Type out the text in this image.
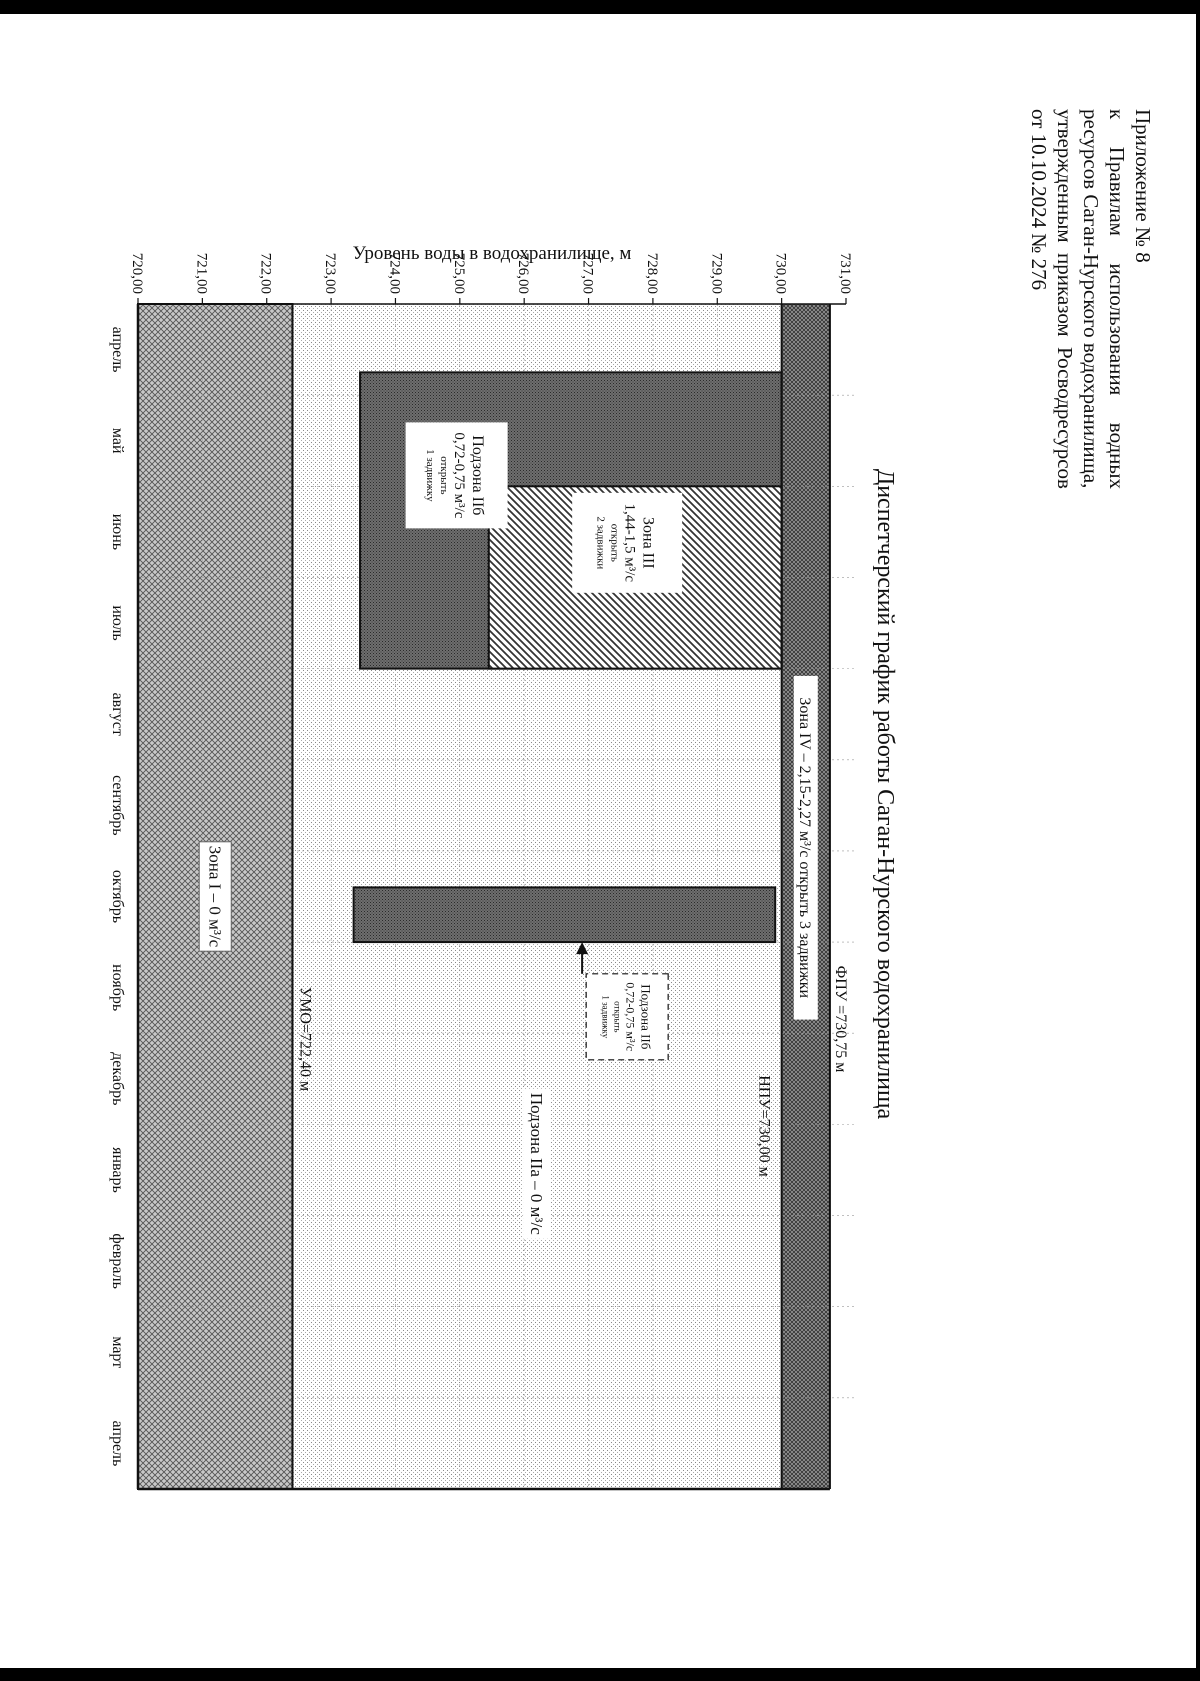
Приложение № 8
к
Правилам
использования
водных
ресурсов Саган-Нурского водохранилища,
утвержденным
приказом
Росводресурсов
от 10.10.2024 № 276
Диспетчерский график работы Саган-Нурского водохранилища
731,00
730,00
729,00
728,00
727,00
726,00
725,00
724,00
723,00
722,00
721,00
720,00
апрель
май
июнь
июль
август
сентябрь
октябрь
ноябрь
декабрь
январь
февраль
март
апрель
ФПУ =730,75 м
НПУ=730,00 м
УМО=722,40 м
Зона IV – 2,15-2,27 м³/с открыть 3 задвижки
Подзона IIа – 0 м³/с
Зона I – 0 м³/с
Зона III
1,44-1,5 м³/с
открыть
2 задвижки
Подзона IIб
0,72-0,75 м³/с
открыть
1 задвижку
Подзона IIб
0,72-0,75 м³/с
открыть
1 задвижку
Уровень воды в водохранилище, м
